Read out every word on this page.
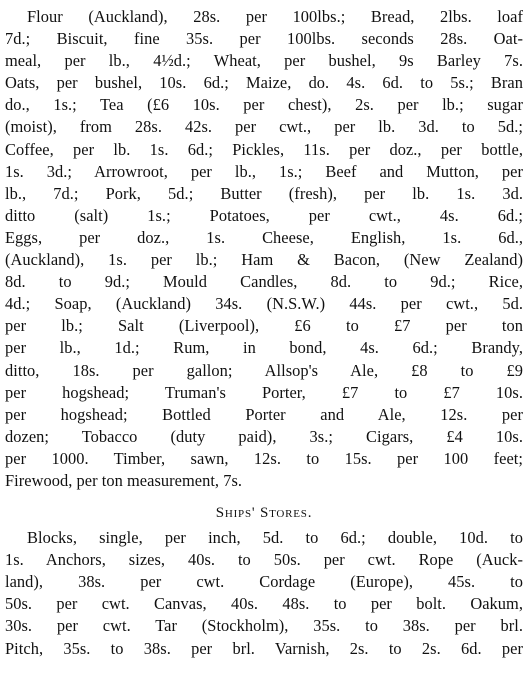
Flour (Auckland), 28s. per 100lbs.; Bread, 2lbs. loaf
7d.; Biscuit, fine 35s. per 100lbs. seconds 28s. Oat-
meal, per lb., 4½d.; Wheat, per bushel, 9s Barley 7s.
Oats, per bushel, 10s. 6d.; Maize, do. 4s. 6d. to 5s.; Bran
do., 1s.; Tea (£6 10s. per chest), 2s. per lb.; sugar
(moist), from 28s. 42s. per cwt., per lb. 3d. to 5d.;
Coffee, per lb. 1s. 6d.; Pickles, 11s. per doz., per bottle,
1s. 3d.; Arrowroot, per lb., 1s.; Beef and Mutton, per
lb., 7d.; Pork, 5d.; Butter (fresh), per lb. 1s. 3d.
ditto (salt) 1s.; Potatoes, per cwt., 4s. 6d.;
Eggs, per doz., 1s. Cheese, English, 1s. 6d.,
(Auckland), 1s. per lb.; Ham & Bacon, (New Zealand)
8d. to 9d.; Mould Candles, 8d. to 9d.; Rice,
4d.; Soap, (Auckland) 34s. (N.S.W.) 44s. per cwt., 5d.
per lb.; Salt (Liverpool), £6 to £7 per ton
per lb., 1d.; Rum, in bond, 4s. 6d.; Brandy,
ditto, 18s. per gallon; Allsop's Ale, £8 to £9
per hogshead; Truman's Porter, £7 to £7 10s.
per hogshead; Bottled Porter and Ale, 12s. per
dozen; Tobacco (duty paid), 3s.; Cigars, £4 10s.
per 1000. Timber, sawn, 12s. to 15s. per 100 feet;
Firewood, per ton measurement, 7s.
Ships' Stores.
Blocks, single, per inch, 5d. to 6d.; double, 10d. to
1s. Anchors, sizes, 40s. to 50s. per cwt. Rope (Auck-
land), 38s. per cwt. Cordage (Europe), 45s. to
50s. per cwt. Canvas, 40s. 48s. to per bolt. Oakum,
30s. per cwt. Tar (Stockholm), 35s. to 38s. per brl.
Pitch, 35s. to 38s. per brl. Varnish, 2s. to 2s. 6d. per
